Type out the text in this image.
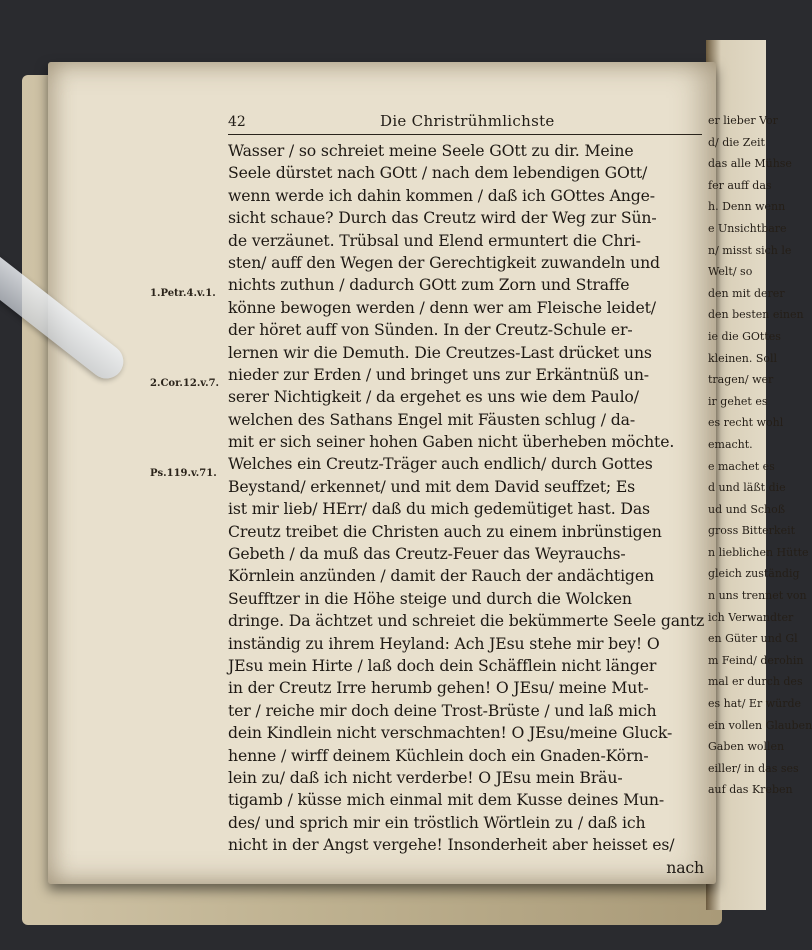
42	Die Christrühmlichste
1.Petr.4.v.1.
2.Cor.12.v.7.
Ps.119.v.71.
Wasser / so schreiet meine Seele GOtt zu dir. Meine
Seele dürstet nach GOtt / nach dem lebendigen GOtt/
wenn werde ich dahin kommen / daß ich GOttes Ange-
sicht schaue? Durch das Creutz wird der Weg zur Sün-
de verzäunet. Trübsal und Elend ermuntert die Chri-
sten/ auff den Wegen der Gerechtigkeit zuwandeln und
nichts zuthun / dadurch GOtt zum Zorn und Straffe
könne bewogen werden / denn wer am Fleische leidet/
der höret auff von Sünden. In der Creutz-Schule er-
lernen wir die Demuth. Die Creutzes-Last drücket uns
nieder zur Erden / und bringet uns zur Erkäntnüß un-
serer Nichtigkeit / da ergehet es uns wie dem Paulo/
welchen des Sathans Engel mit Fäusten schlug / da-
mit er sich seiner hohen Gaben nicht überheben möchte.
Welches ein Creutz-Träger auch endlich/ durch Gottes
Beystand/ erkennet/ und mit dem David seuffzet; Es
ist mir lieb/ HErr/ daß du mich gedemütiget hast. Das
Creutz treibet die Christen auch zu einem inbrünstigen
Gebeth / da muß das Creutz-Feuer das Weyrauchs-
Körnlein anzünden / damit der Rauch der andächtigen
Seufftzer in die Höhe steige und durch die Wolcken
dringe. Da ächtzet und schreiet die bekümmerte Seele gantz
inständig zu ihrem Heyland: Ach JEsu stehe mir bey! O
JEsu mein Hirte / laß doch dein Schäfflein nicht länger
in der Creutz Irre herumb gehen! O JEsu/ meine Mut-
ter / reiche mir doch deine Trost-Brüste / und laß mich
dein Kindlein nicht verschmachten! O JEsu/meine Gluck-
henne / wirff deinem Küchlein doch ein Gnaden-Körn-
lein zu/ daß ich nicht verderbe! O JEsu mein Bräu-
tigamb / küsse mich einmal mit dem Kusse deines Mun-
des/ und sprich mir ein tröstlich Wörtlein zu / daß ich
nicht in der Angst vergehe! Insonderheit aber heisset es/
nach
er lieber Vor
d/ die Zeit
das alle Mühse
fer auff das
h. Denn wenn
e Unsichtbare
n/ misst sich le
Welt/ so
den mit derer
den besten einen
ie die GOttes
kleinen. Soll
tragen/ wer
ir gehet es
es recht wohl
emacht.
e machet es
d und läßt die
ud und Schoß
gross Bitterkeit
n lieblichen Hütte
gleich zuständig
n uns trennet von
ich Verwandter
en Güter und Gl
m Feind/ derohin
mal er durch des
es hat/ Er würde
ein vollen Glauben
Gaben wollen
eiller/ in das ses
auf das Kreben
